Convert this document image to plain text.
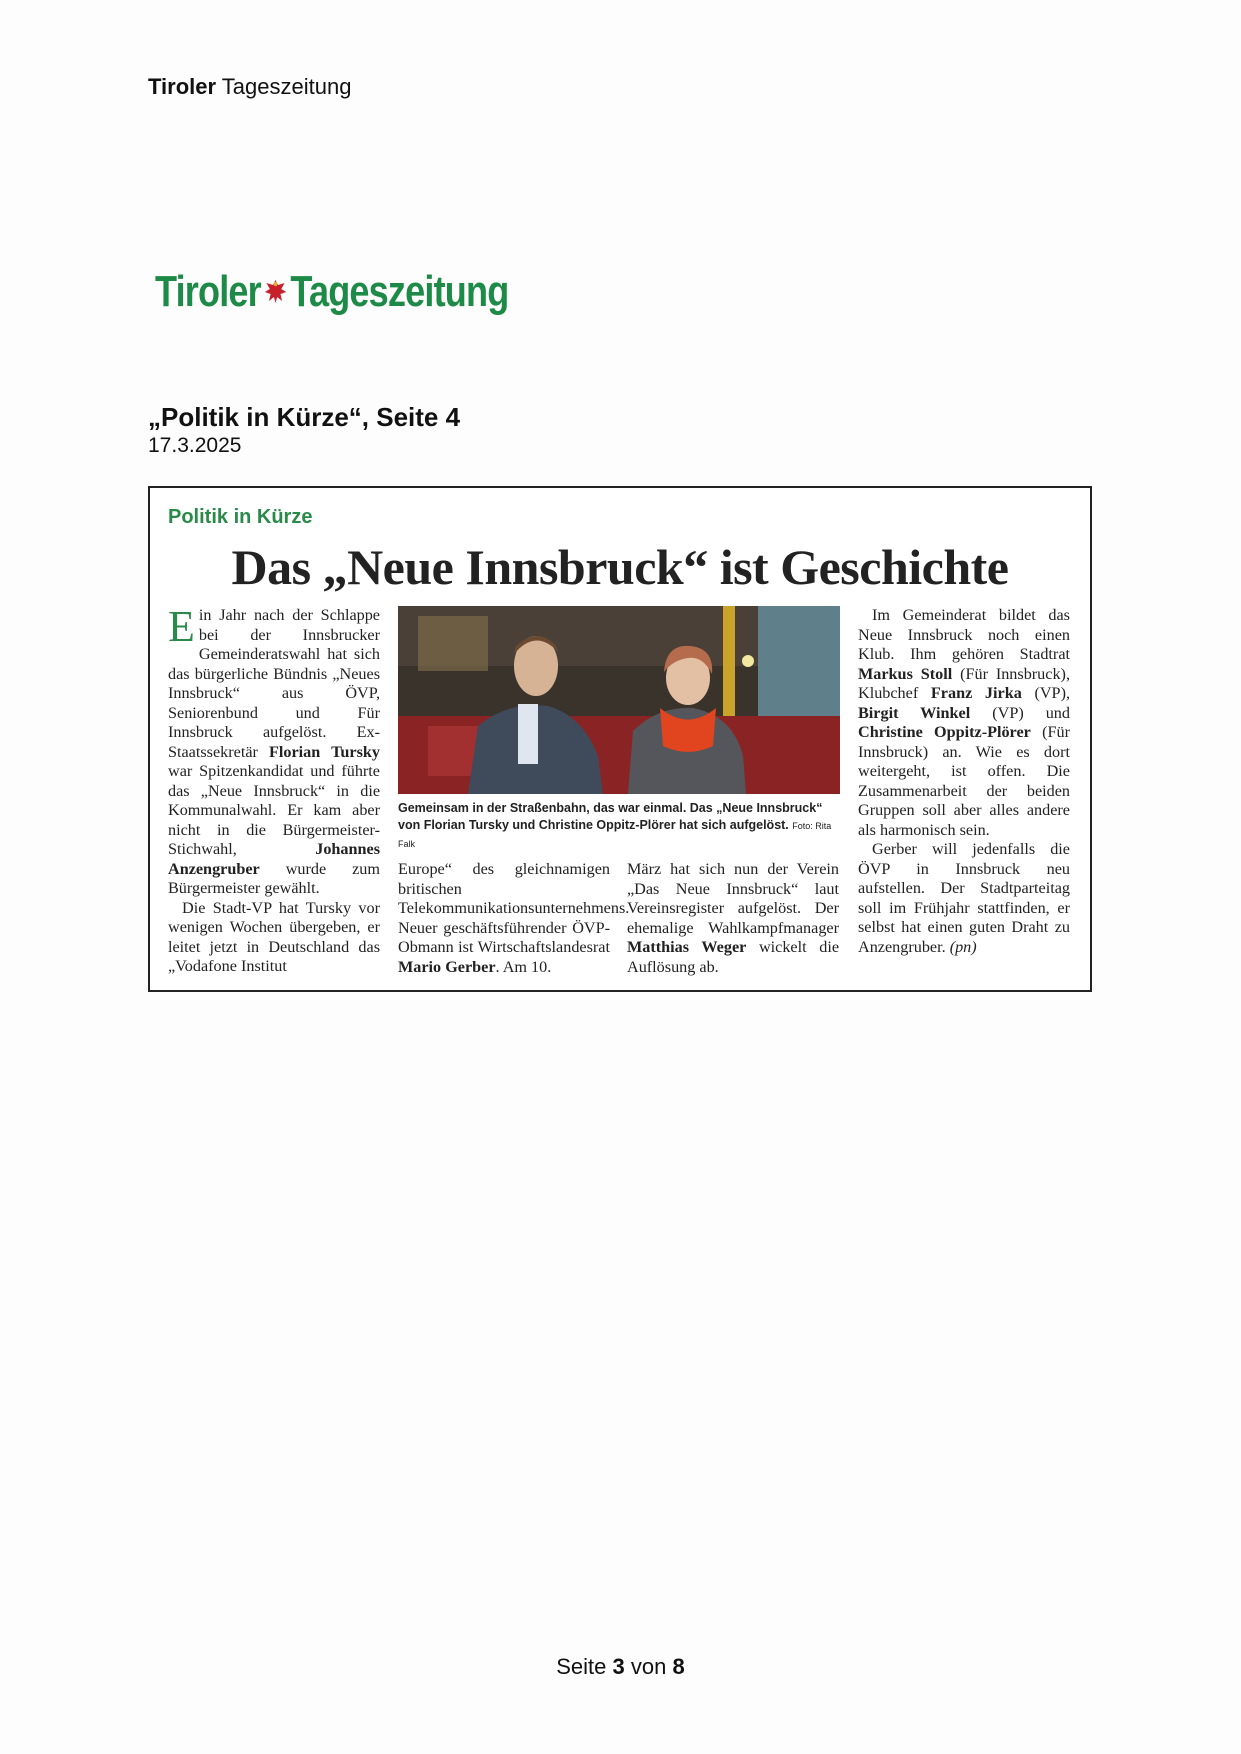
Tiroler Tageszeitung
Tiroler Tageszeitung
„Politik in Kürze“, Seite 4
17.3.2025
Politik in Kürze
Das „Neue Innsbruck“ ist Geschichte

Ein Jahr nach der Schlappe bei der Innsbrucker Gemeinderatswahl hat sich das bürgerliche Bündnis „Neues Innsbruck“ aus ÖVP, Seniorenbund und Für Innsbruck aufgelöst. Ex-Staatssekretär Florian Tursky war Spitzenkandidat und führte das „Neue Innsbruck“ in die Kommunalwahl. Er kam aber nicht in die Bürgermeister-Stichwahl, Johannes Anzengruber wurde zum Bürgermeister gewählt.

Die Stadt-VP hat Tursky vor wenigen Wochen übergeben, er leitet jetzt in Deutschland das „Vodafone Institut

Gemeinsam in der Straßenbahn, das war einmal. Das „Neue Innsbruck“ von Florian Tursky und Christine Oppitz-Plörer hat sich aufgelöst. Foto: Rita Falk

Europe“ des gleichnamigen britischen Telekommunikationsunternehmens. Neuer geschäftsführender ÖVP-Obmann ist Wirtschaftslandesrat Mario Gerber. Am 10.

März hat sich nun der Verein „Das Neue Innsbruck“ laut Vereinsregister aufgelöst. Der ehemalige Wahlkampfmanager Matthias Weger wickelt die Auflösung ab.

Im Gemeinderat bildet das Neue Innsbruck noch einen Klub. Ihm gehören Stadtrat Markus Stoll (Für Innsbruck), Klubchef Franz Jirka (VP), Birgit Winkel (VP) und Christine Oppitz-Plörer (Für Innsbruck) an. Wie es dort weitergeht, ist offen. Die Zusammenarbeit der beiden Gruppen soll aber alles andere als harmonisch sein.

Gerber will jedenfalls die ÖVP in Innsbruck neu aufstellen. Der Stadtparteitag soll im Frühjahr stattfinden, er selbst hat einen guten Draht zu Anzengruber. (pn)

Seite 3 von 8
